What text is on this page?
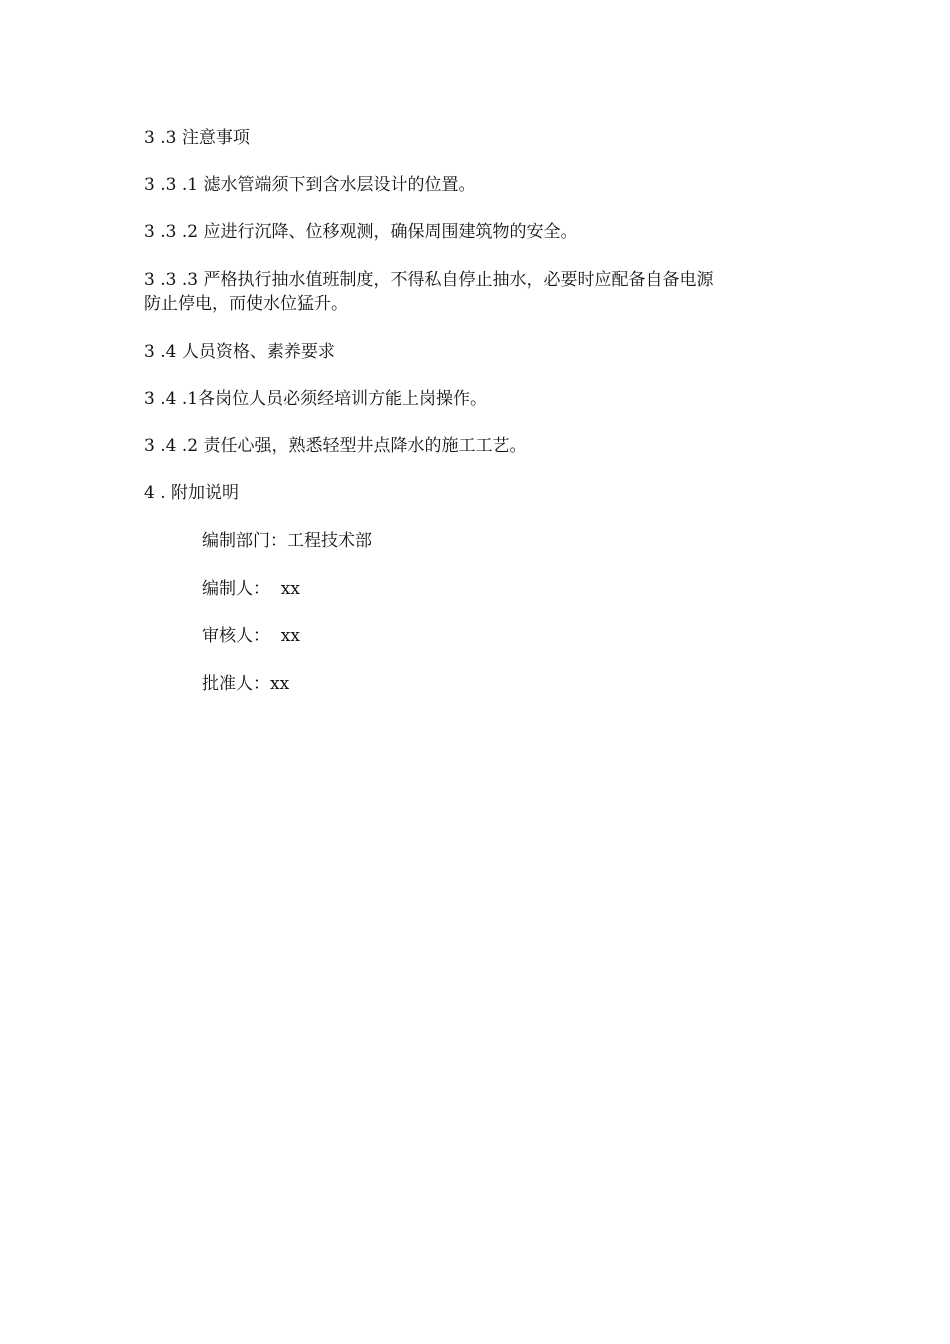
3 .3 注意事项

3 .3 .1 滤水管端须下到含水层设计的位置。

3 .3 .2 应进行沉降、位移观测，确保周围建筑物的安全。

3 .3 .3 严格执行抽水值班制度，不得私自停止抽水，必要时应配备自备电源

防止停电，而使水位猛升。

3 .4 人员资格、素养要求

3 .4 .1各岗位人员必须经培训方能上岗操作。

3 .4 .2 责任心强，熟悉轻型井点降水的施工工艺。

4 . 附加说明

编制部门：工程技术部

编制人：  xx

审核人：  xx

批准人：xx
